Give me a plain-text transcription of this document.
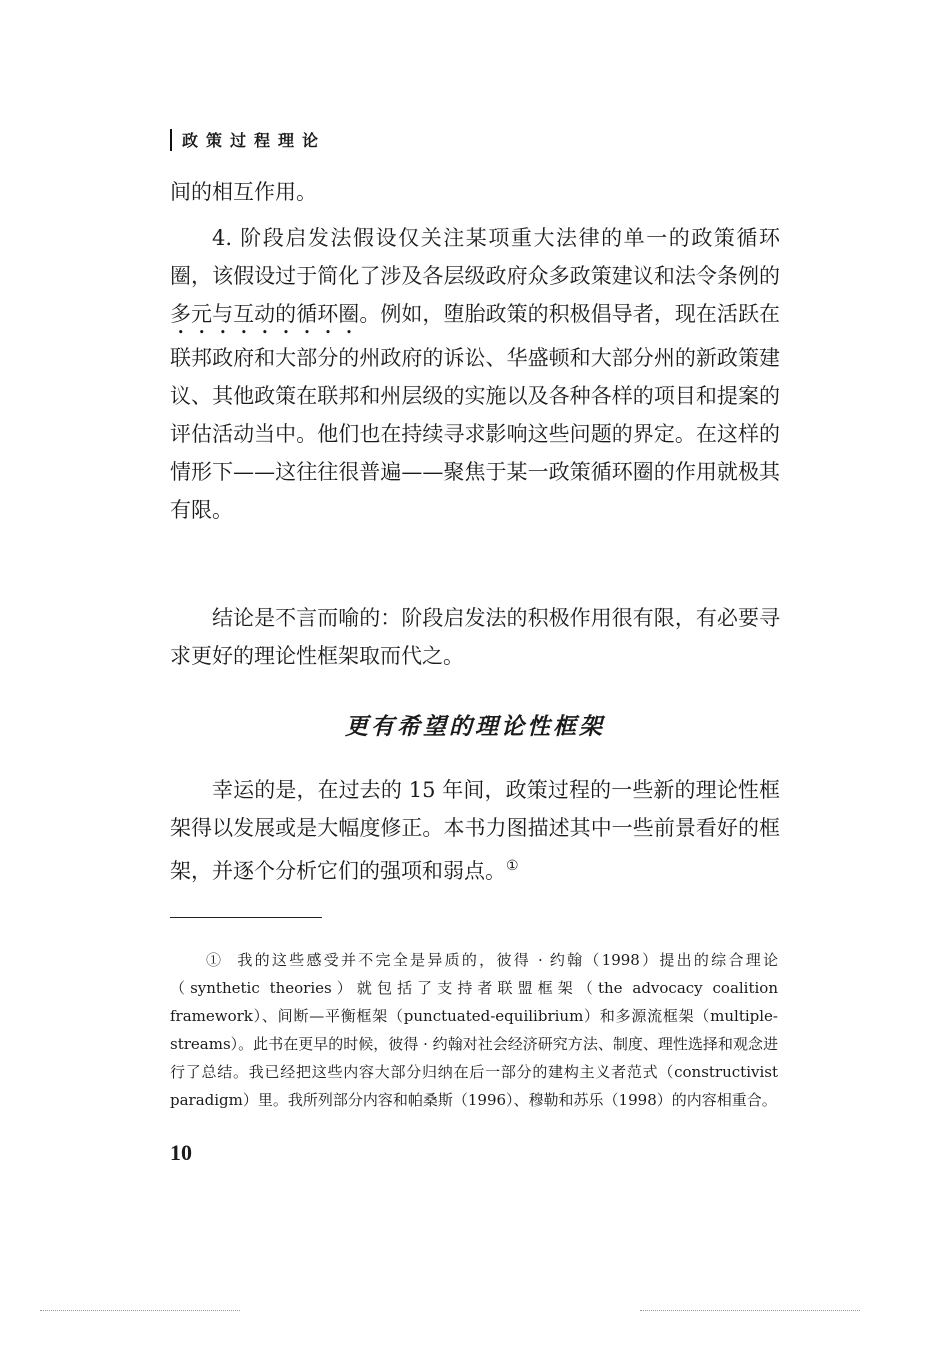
政策过程理论

间的相互作用。

4. 阶段启发法假设仅关注某项重大法律的单一的政策循环圈，该假设过于简化了涉及各层级政府众多政策建议和法令条例的多元与互动的循环圈。例如，堕胎政策的积极倡导者，现在活跃在联邦政府和大部分的州政府的诉讼、华盛顿和大部分州的新政策建议、其他政策在联邦和州层级的实施以及各种各样的项目和提案的评估活动当中。他们也在持续寻求影响这些问题的界定。在这样的情形下——这往往很普遍——聚焦于某一政策循环圈的作用就极其有限。

结论是不言而喻的：阶段启发法的积极作用很有限，有必要寻求更好的理论性框架取而代之。

更有希望的理论性框架

幸运的是，在过去的 15 年间，政策过程的一些新的理论性框架得以发展或是大幅度修正。本书力图描述其中一些前景看好的框架，并逐个分析它们的强项和弱点。①

① 我的这些感受并不完全是异质的，彼得 · 约翰（1998）提出的综合理论（synthetic theories）就包括了支持者联盟框架（the advocacy coalition framework）、间断—平衡框架（punctuated-equilibrium）和多源流框架（multiple-streams）。此书在更早的时候，彼得 · 约翰对社会经济研究方法、制度、理性选择和观念进行了总结。我已经把这些内容大部分归纳在后一部分的建构主义者范式（constructivist paradigm）里。我所列部分内容和帕桑斯（1996）、穆勒和苏乐（1998）的内容相重合。

10
